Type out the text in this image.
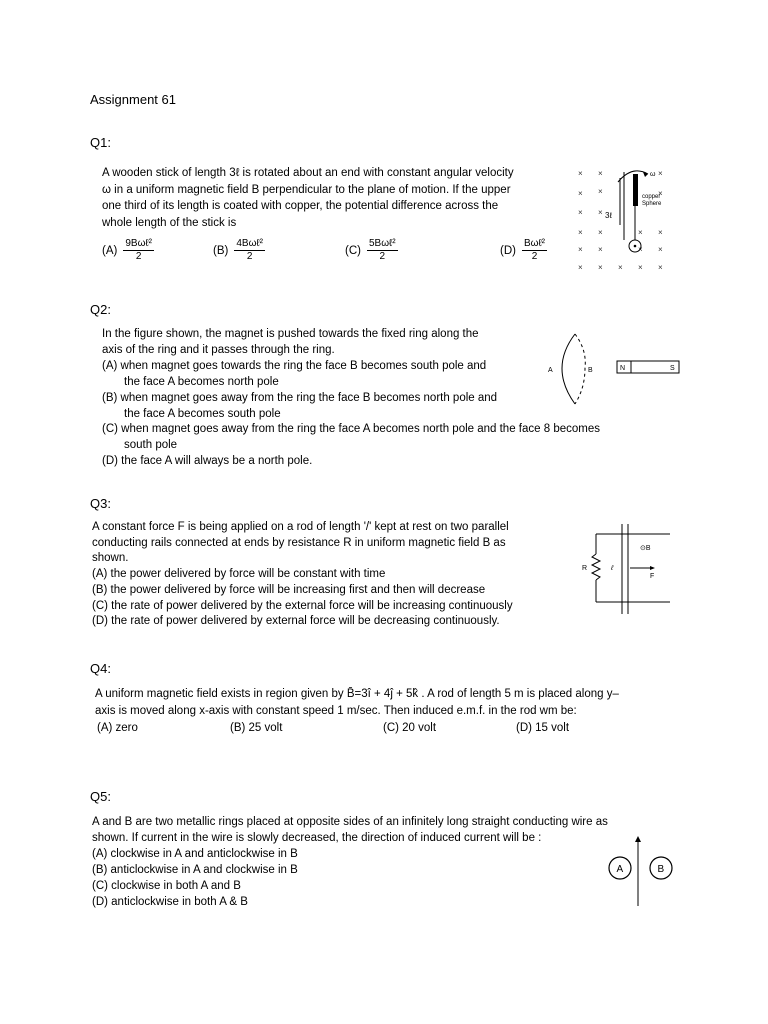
Assignment 61
Q1:
A wooden stick of length 3ℓ is rotated about an end with constant angular velocity
ω in a uniform magnetic field B perpendicular to the plane of motion. If the upper
one third of its length is coated with copper, the potential difference across the
whole length of the stick is
$(A) \frac{\text{9Bωℓ²}}{2}$	$(B) \frac{\text{4Bωℓ²}}{2}$	$(C) \frac{\text{5Bωℓ²}}{2}$	$(D) \frac{\text{Bωℓ²}}{2}$
× ×	×
× ×	×
× ×
× ×	× ×
× ×	× ×
× × × × ×
ω
copper
Sphere
3ℓ
Q2:
In the figure shown, the magnet is pushed towards the fixed ring along the
axis of the ring and it passes through the ring.
(A) when magnet goes towards the ring the face B becomes south pole and
the face A becomes north pole
(B) when magnet goes away from the ring the face B becomes north pole and
the face A becomes south pole
(C) when magnet goes away from the ring the face A becomes north pole and the face 8 becomes
south pole
(D) the face A will always be a north pole.
A	B	N	S
Q3:
A constant force F is being applied on a rod of length '/' kept at rest on two parallel
conducting rails connected at ends by resistance R in uniform magnetic field B as
shown.
(A) the power delivered by force will be constant with time
(B) the power delivered by force will be increasing first and then will decrease
(C) the rate of power delivered by the external force will be increasing continuously
(D) the rate of power delivered by external force will be decreasing continuously.
R	ℓ
⊙B
F
Q4:
A uniform magnetic field exists in region given by B̄=3î + 4ĵ + 5k̂ . A rod of length 5 m is placed along y–
axis is moved along x-axis with constant speed 1 m/sec. Then induced e.m.f. in the rod wm be:
(A) zero	(B) 25 volt	(C) 20 volt	(D) 15 volt
Q5:
A and B are two metallic rings placed at opposite sides of an infinitely long straight conducting wire as
shown. If current in the wire is slowly decreased, the direction of induced current will be :
(A) clockwise in A and anticlockwise in B
(B) anticlockwise in A and clockwise in B
(C) clockwise in both A and B
(D) anticlockwise in both A & B
A	B
